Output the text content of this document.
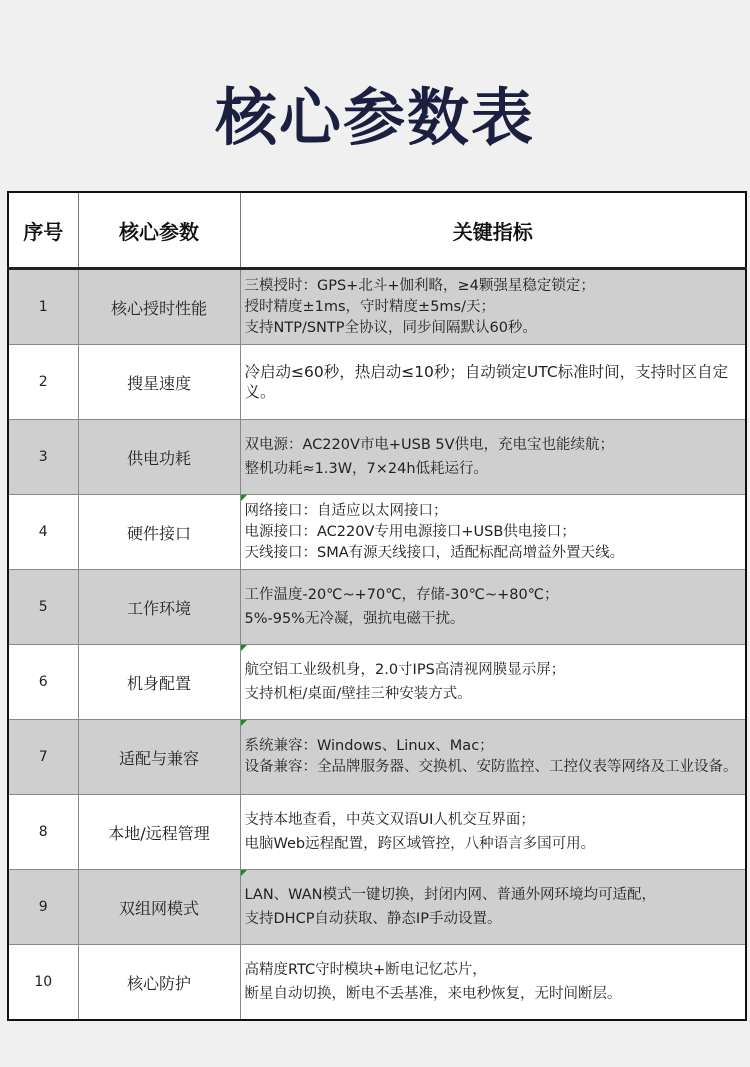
核心参数表
序号	核心参数	关键指标
1	核心授时性能	三模授时：GPS+北斗+伽利略，≥4颗强星稳定锁定；
授时精度±1ms，守时精度±5ms/天；
支持NTP/SNTP全协议，同步间隔默认60秒。

2	搜星速度	冷启动≤60秒，热启动≤10秒；自动锁定UTC标准时间，支持时区自定义。

3	供电功耗	双电源：AC220V市电+USB 5V供电，充电宝也能续航；
整机功耗≈1.3W，7×24h低耗运行。

4	硬件接口	网络接口：自适应以太网接口；
电源接口：AC220V专用电源接口+USB供电接口；
天线接口：SMA有源天线接口，适配标配高增益外置天线。

5	工作环境	工作温度-20℃~+70℃，存储-30℃~+80℃；
5%-95%无冷凝，强抗电磁干扰。

6	机身配置	航空铝工业级机身，2.0寸IPS高清视网膜显示屏；
支持机柜/桌面/壁挂三种安装方式。

7	适配与兼容	系统兼容：Windows、Linux、Mac；
设备兼容：全品牌服务器、交换机、安防监控、工控仪表等网络及工业设备。

8	本地/远程管理	支持本地查看，中英文双语UI人机交互界面；
电脑Web远程配置，跨区域管控，八种语言多国可用。

9	双组网模式	LAN、WAN模式一键切换，封闭内网、普通外网环境均可适配，
支持DHCP自动获取、静态IP手动设置。

10	核心防护	高精度RTC守时模块+断电记忆芯片，
断星自动切换，断电不丢基准，来电秒恢复，无时间断层。
